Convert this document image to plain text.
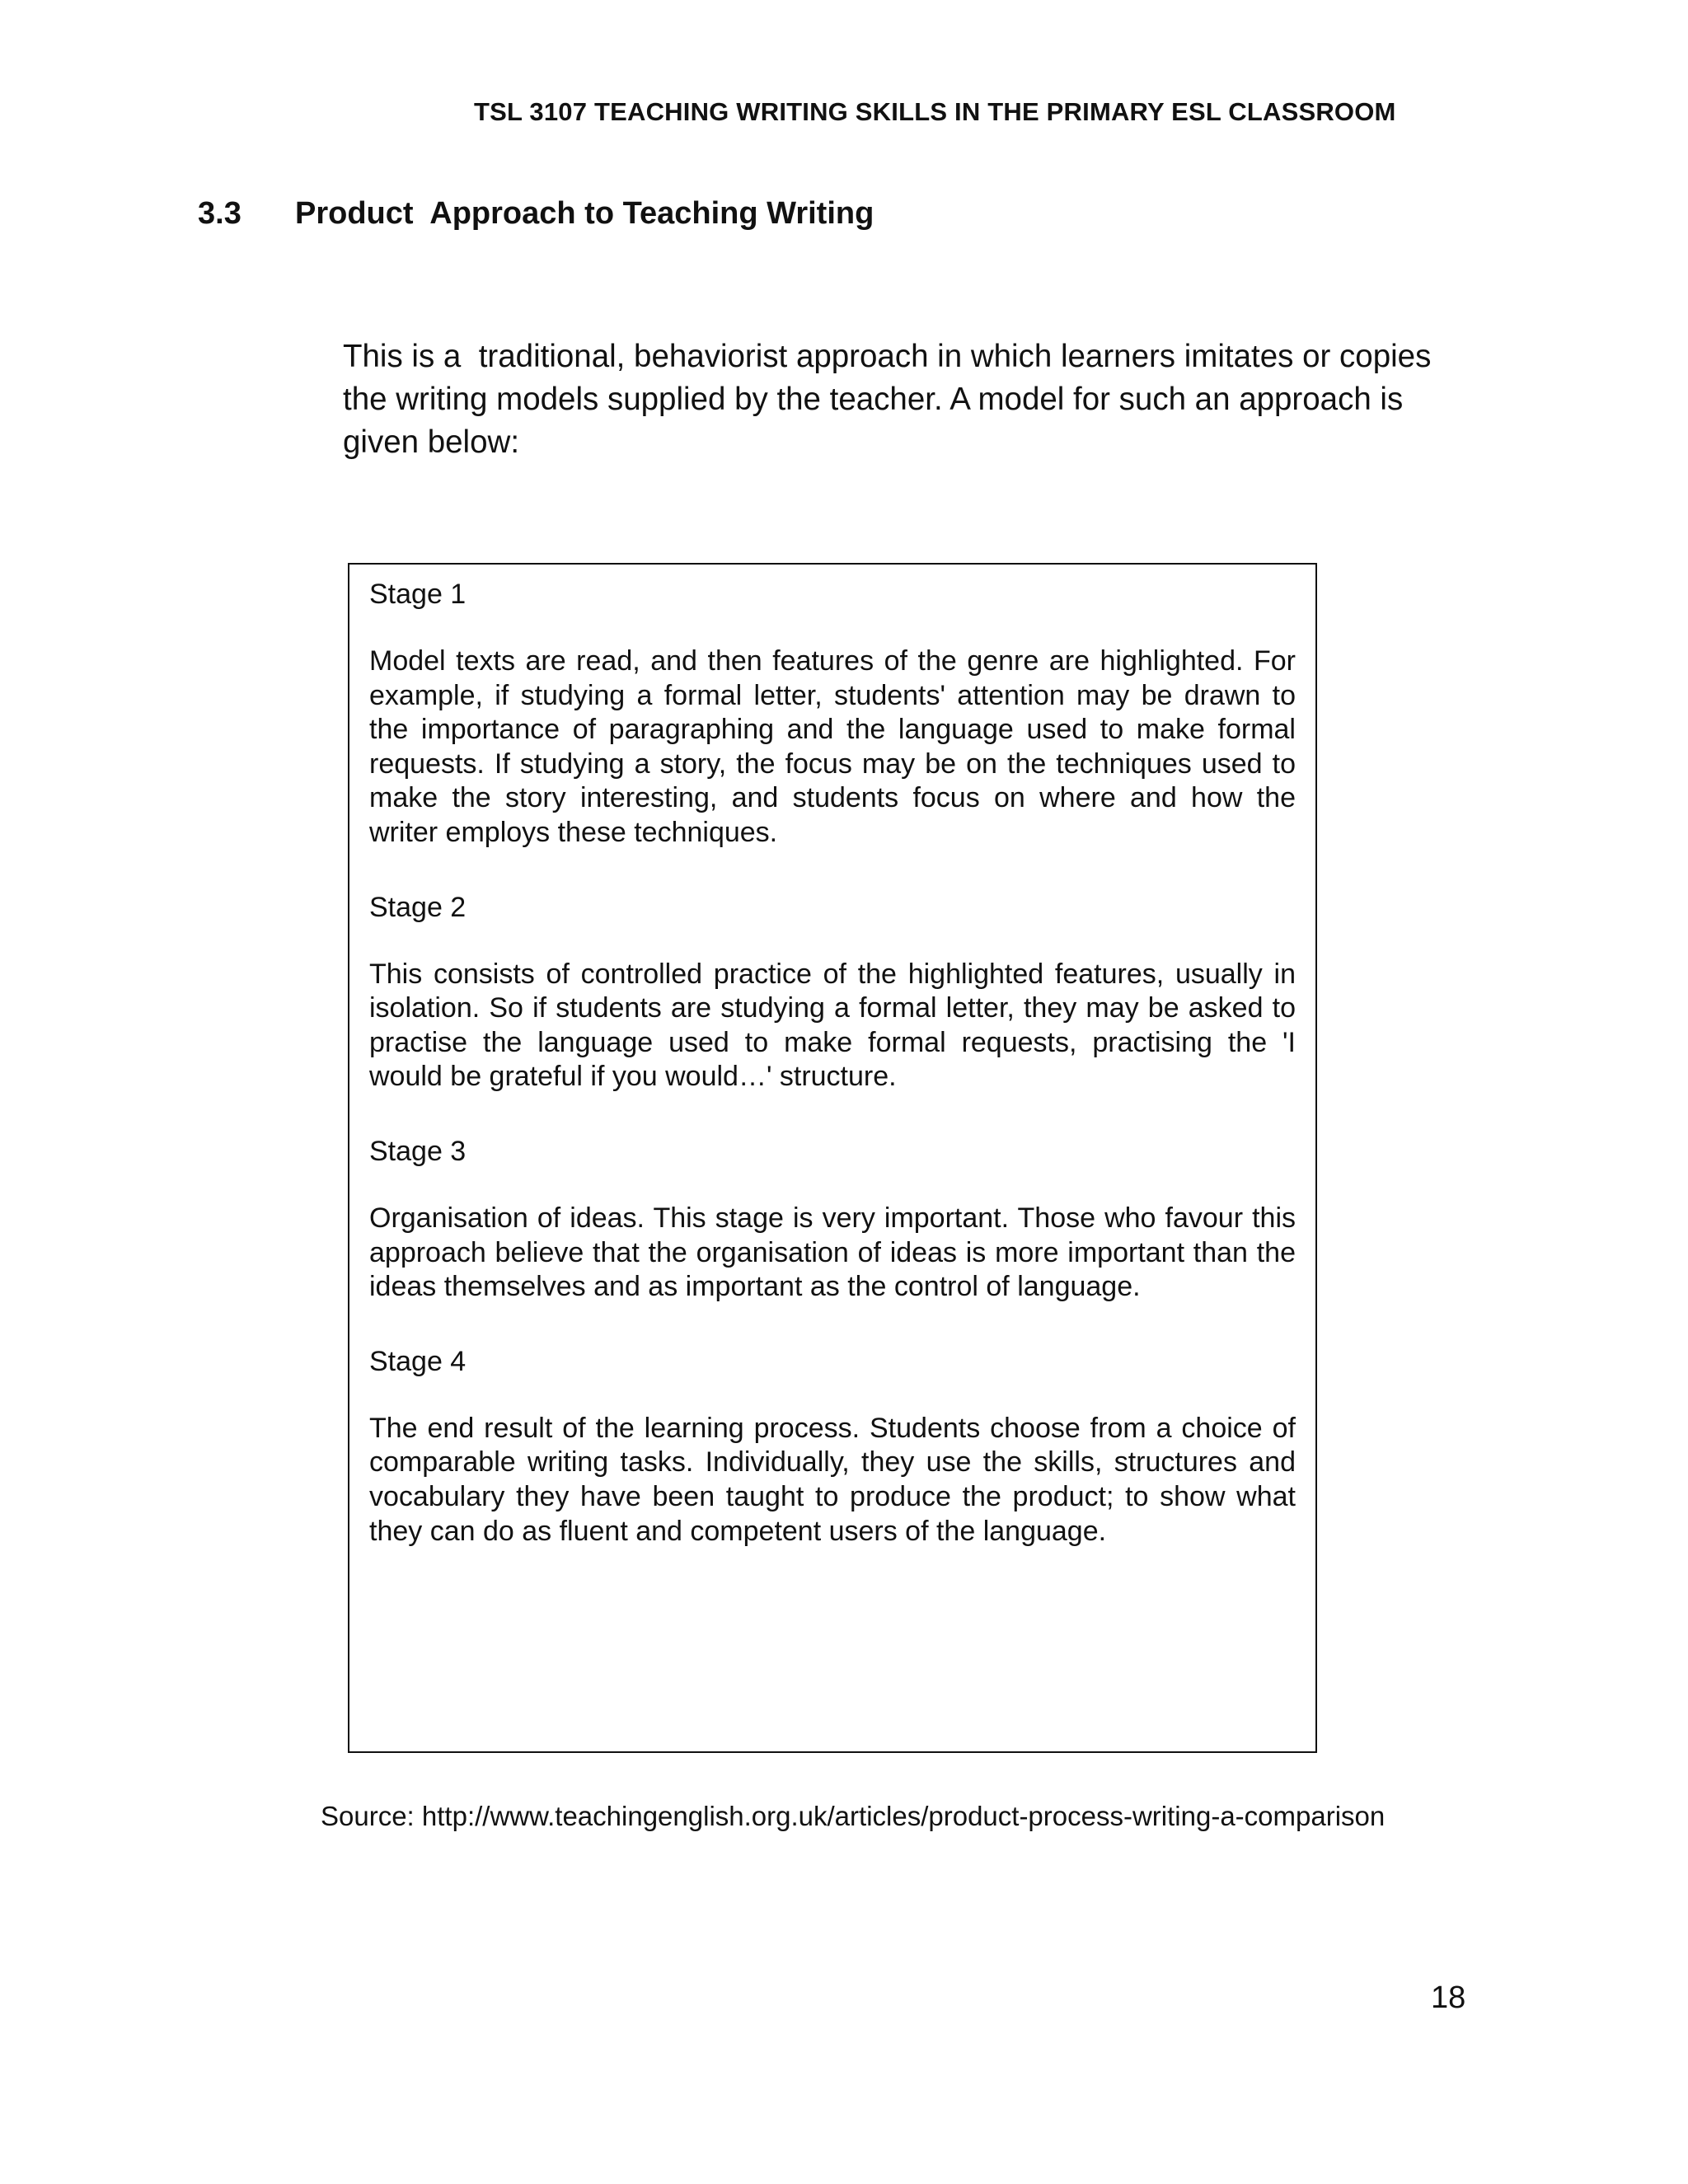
TSL 3107 TEACHING WRITING SKILLS IN THE PRIMARY ESL CLASSROOM
3.3 Product  Approach to Teaching Writing

This is a  traditional, behaviorist approach in which learners imitates or copies
the writing models supplied by the teacher. A model for such an approach is
given below:

Stage 1

Model texts are read, and then features of the genre are highlighted. For example, if studying a formal letter, students' attention may be drawn to the importance of paragraphing and the language used to make formal requests. If studying a story, the focus may be on the techniques used to make the story interesting, and students focus on where and how the writer employs these techniques.

Stage 2

This consists of controlled practice of the highlighted features, usually in isolation. So if students are studying a formal letter, they may be asked to practise the language used to make formal requests, practising the 'I would be grateful if you would…' structure.

Stage 3

Organisation of ideas. This stage is very important. Those who favour this approach believe that the organisation of ideas is more important than the ideas themselves and as important as the control of language.

Stage 4

The end result of the learning process. Students choose from a choice of comparable writing tasks. Individually, they use the skills, structures and vocabulary they have been taught to produce the product; to show what they can do as fluent and competent users of the language.

Source: http://www.teachingenglish.org.uk/articles/product-process-writing-a-comparison
18
